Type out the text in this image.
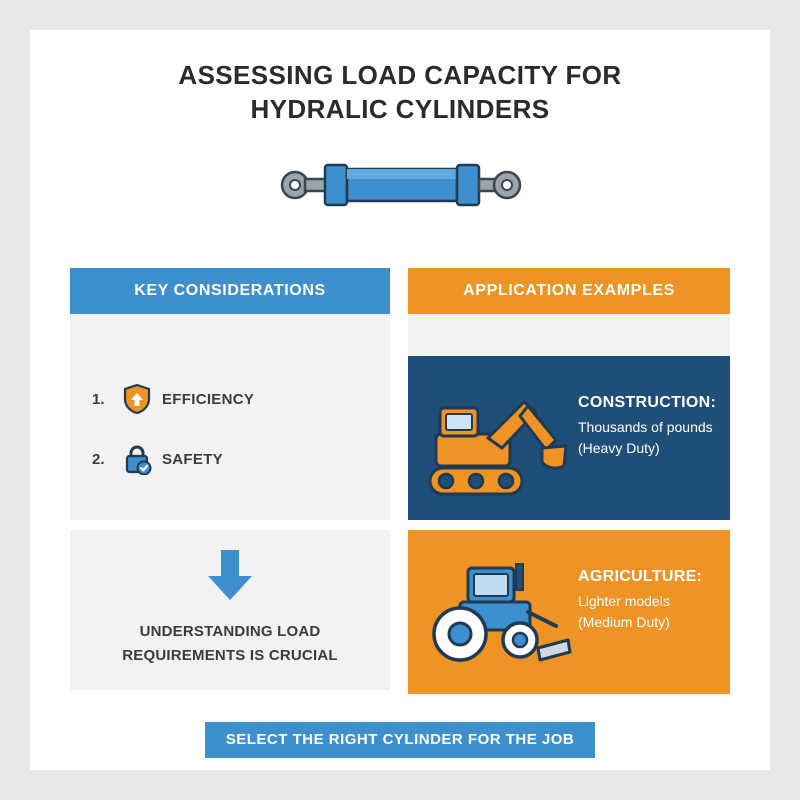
ASSESSING LOAD CAPACITY FOR
HYDRALIC CYLINDERS
KEY CONSIDERATIONS	APPLICATION EXAMPLES
1.	EFFICIENCY
2.	SAFETY
UNDERSTANDING LOAD
REQUIREMENTS IS CRUCIAL
CONSTRUCTION:
Thousands of pounds
(Heavy Duty)
AGRICULTURE:
Lighter models
(Medium Duty)
SELECT THE RIGHT CYLINDER FOR THE JOB
